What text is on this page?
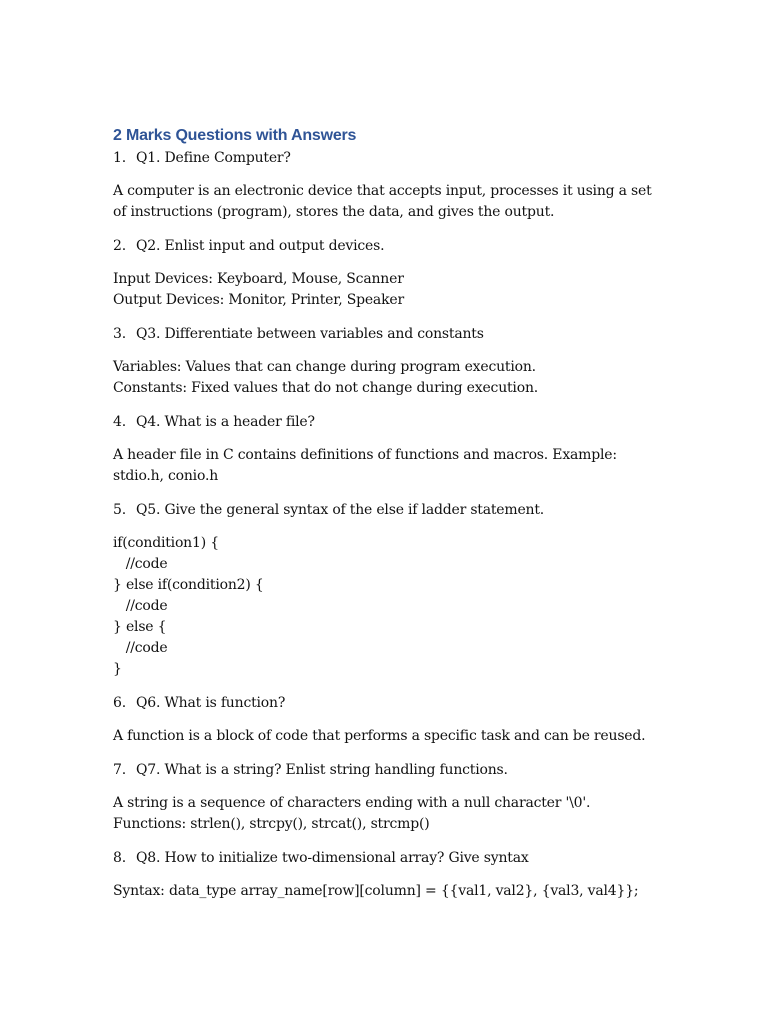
2 Marks Questions with Answers
1. Q1. Define Computer?
A computer is an electronic device that accepts input, processes it using a set of instructions (program), stores the data, and gives the output.
2. Q2. Enlist input and output devices.
Input Devices: Keyboard, Mouse, Scanner
Output Devices: Monitor, Printer, Speaker
3. Q3. Differentiate between variables and constants
Variables: Values that can change during program execution.
Constants: Fixed values that do not change during execution.
4. Q4. What is a header file?
A header file in C contains definitions of functions and macros. Example: stdio.h, conio.h
5. Q5. Give the general syntax of the else if ladder statement.
if(condition1) {
//code
} else if(condition2) {
//code
} else {
//code
}
6. Q6. What is function?
A function is a block of code that performs a specific task and can be reused.
7. Q7. What is a string? Enlist string handling functions.
A string is a sequence of characters ending with a null character '\0'.
Functions: strlen(), strcpy(), strcat(), strcmp()
8. Q8. How to initialize two-dimensional array? Give syntax
Syntax: data_type array_name[row][column] = {{val1, val2}, {val3, val4}};
